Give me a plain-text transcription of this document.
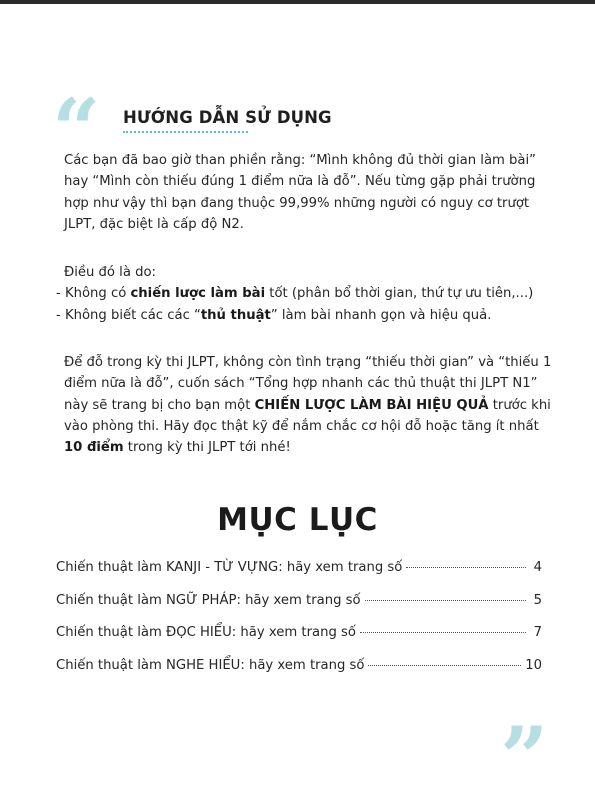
“ HƯỚNG DẪN SỬ DỤNG

Các bạn đã bao giờ than phiền rằng: “Mình không đủ thời gian làm bài” hay “Mình còn thiếu đúng 1 điểm nữa là đỗ”. Nếu từng gặp phải trường hợp như vậy thì bạn đang thuộc 99,99% những người có nguy cơ trượt JLPT, đặc biệt là cấp độ N2.

Điều đó là do:

- Không có chiến lược làm bài tốt (phân bổ thời gian, thứ tự ưu tiên,...)

- Không biết các các “thủ thuật” làm bài nhanh gọn và hiệu quả.

Để đỗ trong kỳ thi JLPT, không còn tình trạng “thiếu thời gian” và “thiếu 1 điểm nữa là đỗ”, cuốn sách “Tổng hợp nhanh các thủ thuật thi JLPT N1” này sẽ trang bị cho bạn một CHIẾN LƯỢC LÀM BÀI HIỆU QUẢ trước khi vào phòng thi. Hãy đọc thật kỹ để nắm chắc cơ hội đỗ hoặc tăng ít nhất 10 điểm trong kỳ thi JLPT tới nhé!

MỤC LỤC
Chiến thuật làm KANJI - TỪ VỰNG: hãy xem trang số	4
Chiến thuật làm NGỮ PHÁP: hãy xem trang số	5
Chiến thuật làm ĐỌC HIỂU: hãy xem trang số	7
Chiến thuật làm NGHE HIỂU: hãy xem trang số	10
”
